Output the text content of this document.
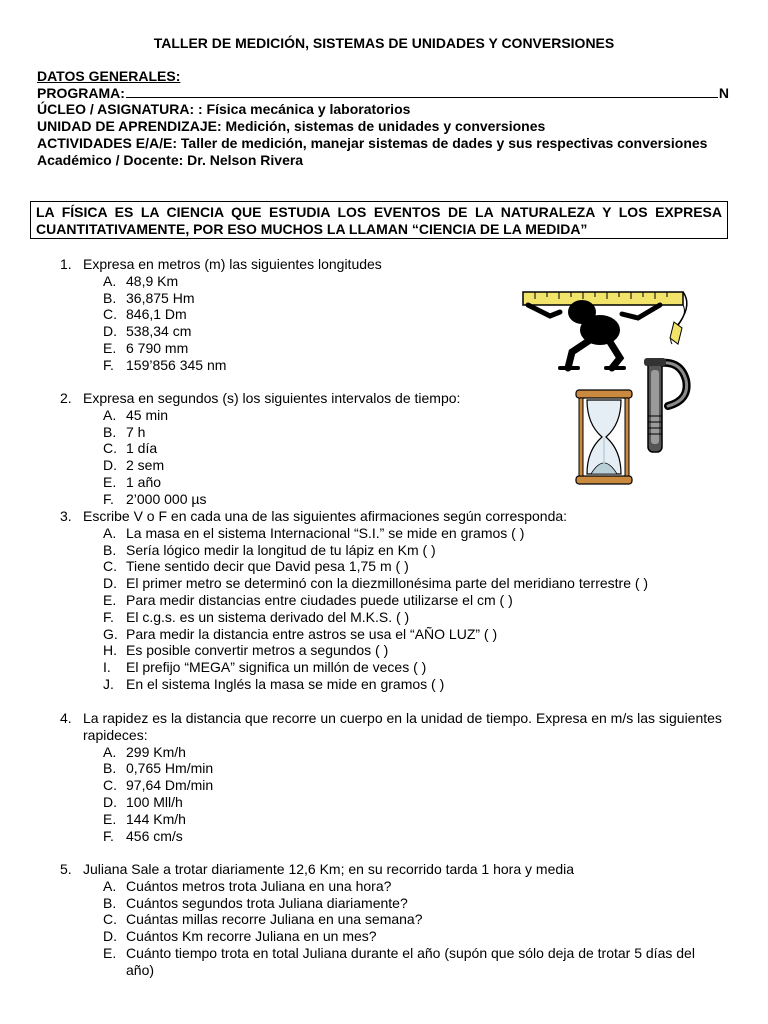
TALLER DE MEDICIÓN, SISTEMAS DE UNIDADES Y CONVERSIONES
DATOS GENERALES:
PROGRAMA:	N
ÚCLEO / ASIGNATURA: : Física mecánica y laboratorios
UNIDAD DE APRENDIZAJE: Medición, sistemas de unidades y conversiones
ACTIVIDADES E/A/E: Taller de medición, manejar sistemas de dades y sus respectivas conversiones
Académico / Docente: Dr. Nelson Rivera
LA FÍSICA ES LA CIENCIA QUE ESTUDIA LOS EVENTOS DE LA NATURALEZA Y LOS EXPRESA CUANTITATIVAMENTE, POR ESO MUCHOS LA LLAMAN “CIENCIA DE LA MEDIDA”
1. Expresa en metros (m) las siguientes longitudes
A. 48,9 Km
B. 36,875 Hm
C. 846,1 Dm
D. 538,34 cm
E. 6 790 mm
F. 159’856 345 nm
2. Expresa en segundos (s) los siguientes intervalos de tiempo:
A. 45 min
B. 7 h
C. 1 día
D. 2 sem
E. 1 año
F. 2’000 000 µs
3. Escribe V o F en cada una de las siguientes afirmaciones según corresponda:
A. La masa en el sistema Internacional “S.I.” se mide en gramos ( )
B. Sería lógico medir la longitud de tu lápiz en Km ( )
C. Tiene sentido decir que David pesa 1,75 m ( )
D. El primer metro se determinó con la diezmillonésima parte del meridiano terrestre ( )
E. Para medir distancias entre ciudades puede utilizarse el cm ( )
F. El c.g.s. es un sistema derivado del M.K.S. ( )
G. Para medir la distancia entre astros se usa el “AÑO LUZ” ( )
H. Es posible convertir metros a segundos ( )
I.	El prefijo “MEGA” significa un millón de veces ( )
J. En el sistema Inglés la masa se mide en gramos ( )
4. La rapidez es la distancia que recorre un cuerpo en la unidad de tiempo. Expresa en m/s las siguientes rapideces:
A. 299 Km/h
B. 0,765 Hm/min
C. 97,64 Dm/min
D. 100 Mll/h
E. 144 Km/h
F. 456 cm/s
5. Juliana Sale a trotar diariamente 12,6 Km; en su recorrido tarda 1 hora y media
A. Cuántos metros trota Juliana en una hora?
B. Cuántos segundos trota Juliana diariamente?
C. Cuántas millas recorre Juliana en una semana?
D. Cuántos Km recorre Juliana en un mes?
E. Cuánto tiempo trota en total Juliana durante el año (supón que sólo deja de trotar 5 días del año)
